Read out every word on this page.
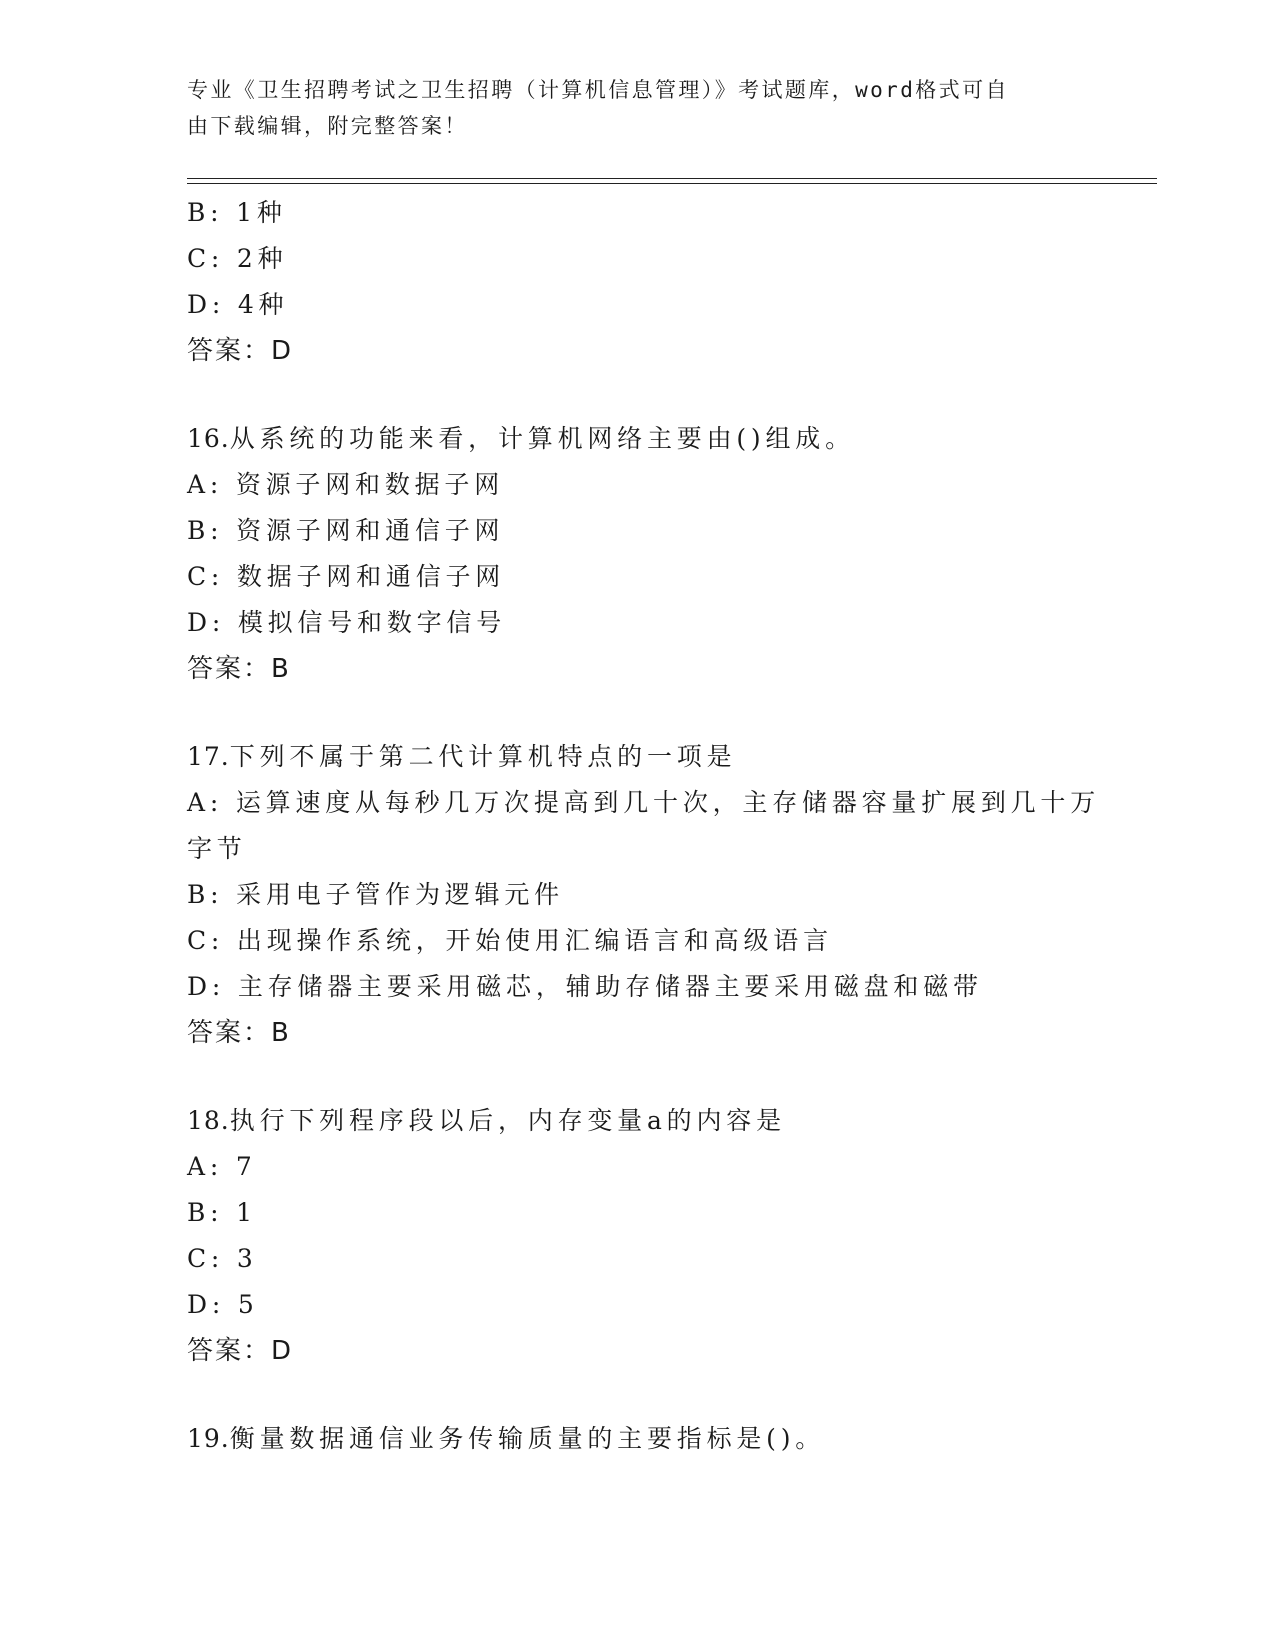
专业《卫生招聘考试之卫生招聘（计算机信息管理）》考试题库，word格式可自
由下载编辑，附完整答案！
B: 1种
C: 2种
D: 4种
答案：D
16.从系统的功能来看，计算机网络主要由()组成。
A: 资源子网和数据子网
B: 资源子网和通信子网
C: 数据子网和通信子网
D: 模拟信号和数字信号
答案：B
17.下列不属于第二代计算机特点的一项是
A: 运算速度从每秒几万次提高到几十次，主存储器容量扩展到几十万
字节
B: 采用电子管作为逻辑元件
C: 出现操作系统，开始使用汇编语言和高级语言
D: 主存储器主要采用磁芯，辅助存储器主要采用磁盘和磁带
答案：B
18.执行下列程序段以后，内存变量a的内容是
A: 7
B: 1
C: 3
D: 5
答案：D
19.衡量数据通信业务传输质量的主要指标是()。
